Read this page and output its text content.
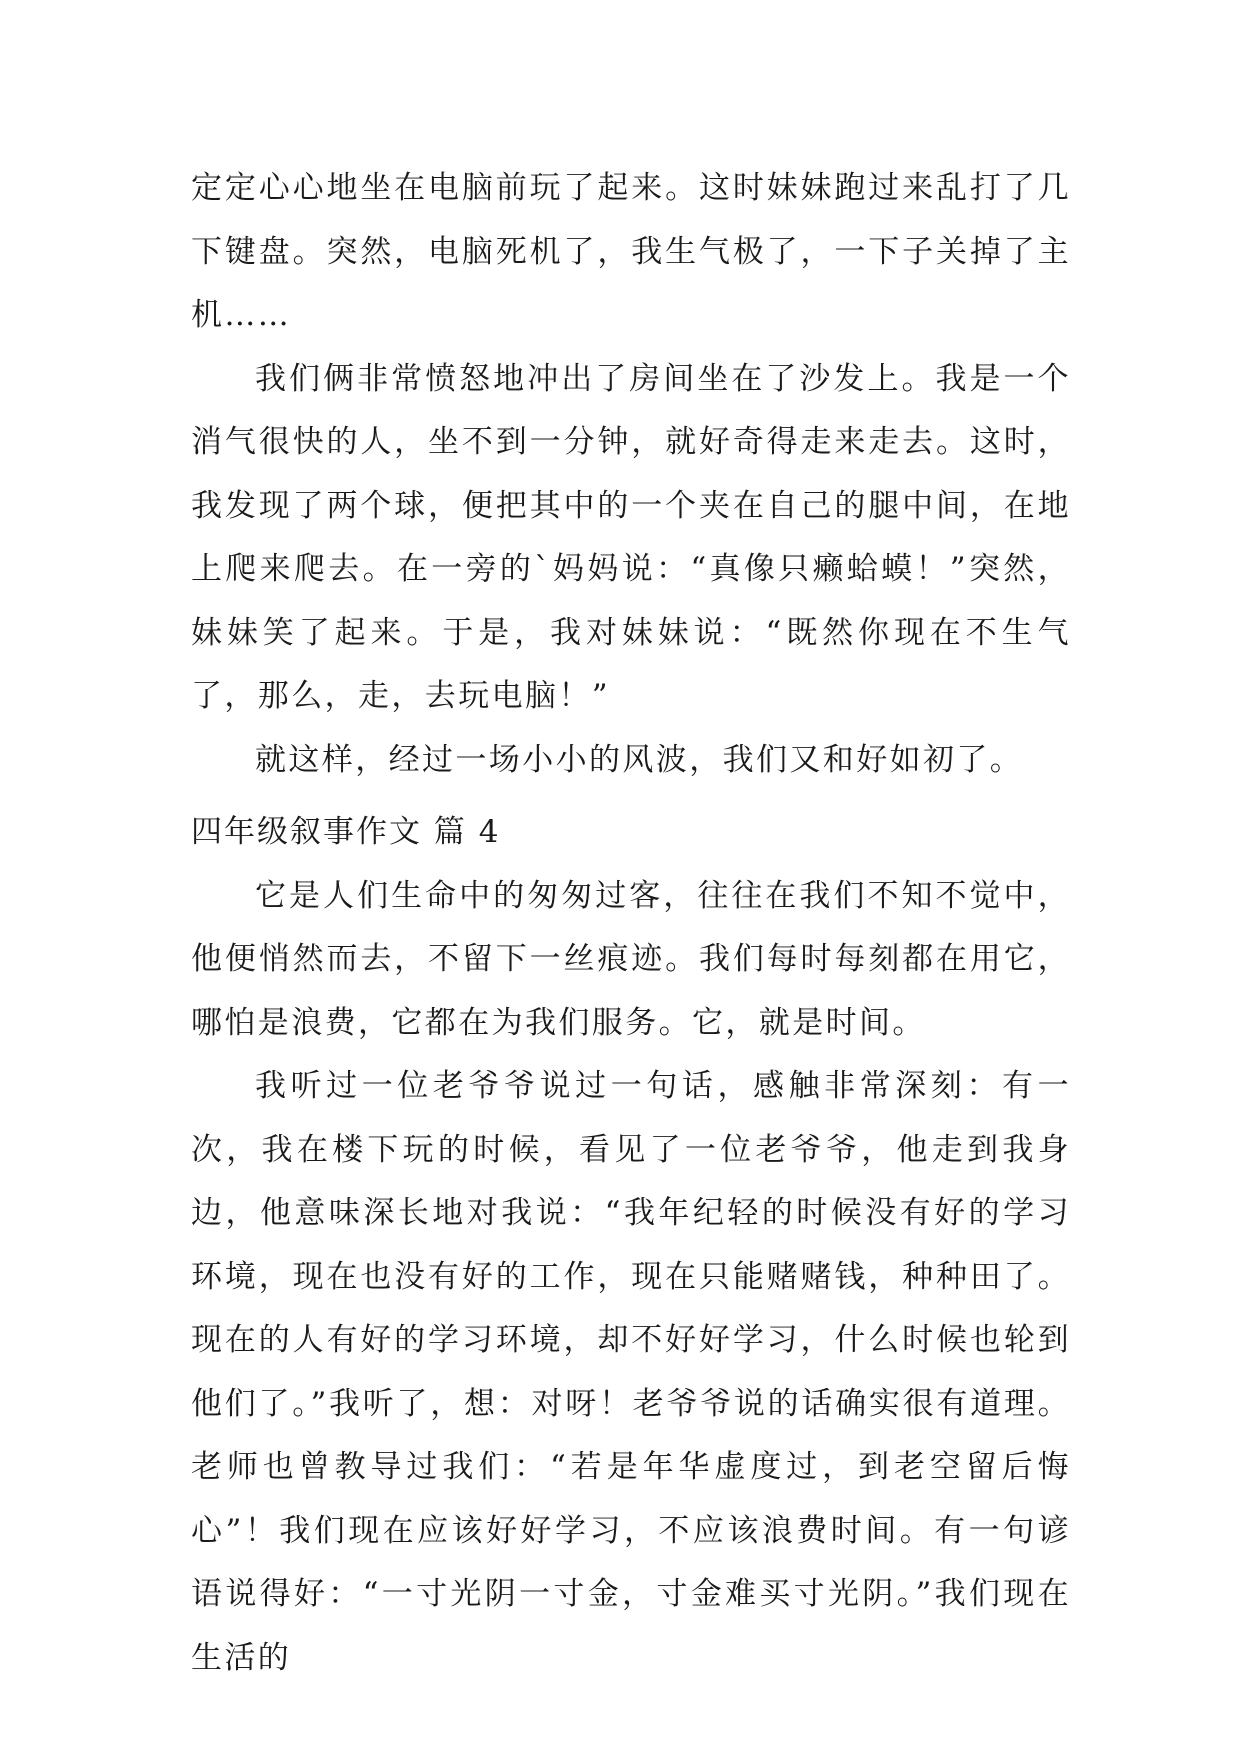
定定心心地坐在电脑前玩了起来。这时妹妹跑过来乱打了几下键盘。突然，电脑死机了，我生气极了，一下子关掉了主机……

我们俩非常愤怒地冲出了房间坐在了沙发上。我是一个消气很快的人，坐不到一分钟，就好奇得走来走去。这时，我发现了两个球，便把其中的一个夹在自己的腿中间，在地上爬来爬去。在一旁的`妈妈说：“真像只癞蛤蟆！”突然，妹妹笑了起来。于是，我对妹妹说：“既然你现在不生气了，那么，走，去玩电脑！”

就这样，经过一场小小的风波，我们又和好如初了。

四年级叙事作文 篇 4

它是人们生命中的匆匆过客，往往在我们不知不觉中，他便悄然而去，不留下一丝痕迹。我们每时每刻都在用它，哪怕是浪费，它都在为我们服务。它，就是时间。

我听过一位老爷爷说过一句话，感触非常深刻：有一次，我在楼下玩的时候，看见了一位老爷爷，他走到我身边，他意味深长地对我说：“我年纪轻的时候没有好的学习环境，现在也没有好的工作，现在只能赌赌钱，种种田了。现在的人有好的学习环境，却不好好学习，什么时候也轮到他们了。”我听了，想：对呀！老爷爷说的话确实很有道理。老师也曾教导过我们：“若是年华虚度过，到老空留后悔心”！我们现在应该好好学习，不应该浪费时间。有一句谚语说得好：“一寸光阴一寸金，寸金难买寸光阴。”我们现在生活的
